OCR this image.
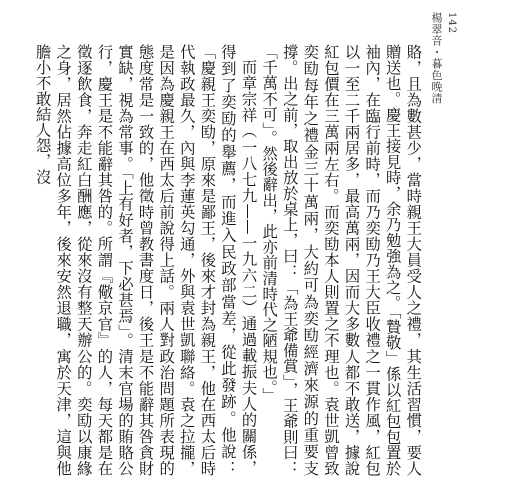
楊翠音・暮色晚清 142

賂，且為數甚少，當時親王大員受人之禮，其生活習慣，要人贈送也。慶王接見時，余乃勉強為之。「贄敬」係以紅包包置於袖內，在臨行前時，而乃奕劻乃王大臣收禮之一貫作風，紅包以一至二千兩居多，最高萬兩，因而大多數人都不敢送，據說紅包價在三萬兩左右。而奕劻本人則置之不理也。袁世凱曾致奕劻每年之禮金三十萬兩，大約可為奕劻經濟來源的重要支撐。出之前，取出放於桌上，曰：「為王爺備賞」，王爺則曰：「千萬不可」。然後辭出，此亦前清時代之陋規也。」

而章宗祥（一八七九——一九六二）通過載振夫人的關係，得到了奕劻的舉薦，而進入民政部當差，從此發跡。他說：「慶親王奕劻，原來是鄙王，後來才封為親王，他在西太后時代執政最久，內與李蓮英勾通，外與袁世凱聯絡。袁之拉攏，是因為慶親王在西太后前說得上話。兩人對政治問題所表現的態度常是一致的，他徵時曾教書度日，後王是不能辭其咎貪財實缺，視為常事。「上有好者，下必甚焉」。清末官場的賄賂公行，慶王是不能辭其咎的。所謂『儆京官』的人，每天都是在徵逐飲食，奔走紅白酬應，從來沒有整天辦公的。奕劻以康緣之身，居然佔據高位多年，後來安然退職，寓於天津，這與他膽小不敢結人怨，沒
